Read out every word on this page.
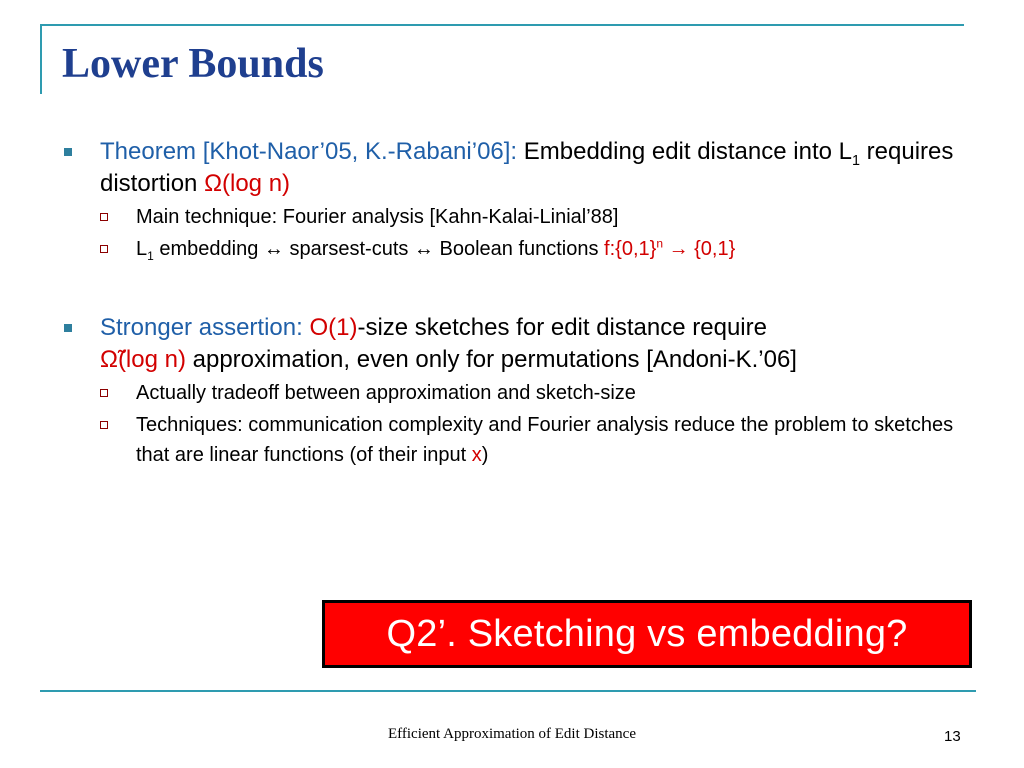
Lower Bounds
Theorem [Khot-Naor’05, K.-Rabani’06]: Embedding edit distance into $L_1$ requires distortion Ω(log n)
Main technique: Fourier analysis [Kahn-Kalai-Linial’88]
$L_1$ embedding ↔ sparsest-cuts ↔ Boolean functions $f:\{0,1\}^n \to \{0,1\}$
Stronger assertion: O(1)-size sketches for edit distance require
Ω̃(log n) approximation, even only for permutations [Andoni-K.’06]
Actually tradeoff between approximation and sketch-size
Techniques: communication complexity and Fourier analysis reduce the problem to sketches that are linear functions (of their input x)
Q2’. Sketching vs embedding?
Efficient Approximation of Edit Distance	13
